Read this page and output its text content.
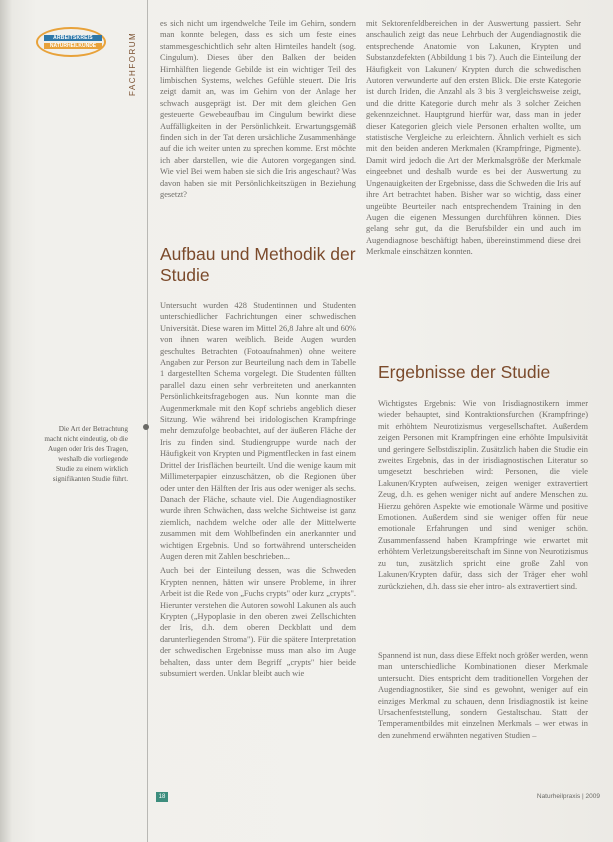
ARBEITSKREIS
NATURHEILKUNDE	FACHFORUM

es sich nicht um irgendwelche Teile im Gehirn, sondern man konnte belegen, dass es sich um feste eines stammesgeschichtlich sehr alten Hirnteiles handelt (sog. Cingulum). Dieses über den Balken der beiden Hirnhälften liegende Gebilde ist ein wichtiger Teil des limbischen Systems, welches Gefühle steuert. Die Iris zeigt damit an, was im Gehirn von der Anlage her schwach ausgeprägt ist. Der mit dem gleichen Gen gesteuerte Gewebeaufbau im Cingulum bewirkt diese Auffälligkeiten in der Persönlichkeit. Erwartungsgemäß finden sich in der Tat deren ursächliche Zusammenhänge auf die ich weiter unten zu sprechen komme. Erst möchte ich aber darstellen, wie die Autoren vorgegangen sind. Wie viel Bei wem haben sie sich die Iris angeschaut? Was davon haben sie mit Persönlichkeitszügen in Beziehung gesetzt?

Aufbau und Methodik der Studie

Untersucht wurden 428 Studentinnen und Studenten unterschiedlicher Fachrichtungen einer schwedischen Universität. Diese waren im Mittel 26,8 Jahre alt und 60% von ihnen waren weiblich. Beide Augen wurden geschultes Betrachten (Fotoaufnahmen) ohne weitere Angaben zur Person zur Beurteilung nach dem in Tabelle 1 dargestellten Schema vorgelegt. Die Studenten füllten parallel dazu einen sehr verbreiteten und anerkannten Persönlichkeitsfragebogen aus. Nun konnte man die Augenmerkmale mit den Kopf schriebs angeblich dieser Sitzung. Wie während bei iridologischen Krampfringe mehr demzufolge beobachtet, auf der äußeren Fläche der Iris zu finden sind. Studiengruppe wurde nach der Häufigkeit von Krypten und Pigmentflecken in fast einem Drittel der Irisflächen beurteilt. Und die wenige kaum mit Millimeterpapier einzuschätzen, ob die Regionen über oder unter den Hälften der Iris aus oder weniger als sechs. Danach der Fläche, schaute viel. Die Augendiagnostiker wurde ihren Schwächen, dass welche Sichtweise ist ganz ziemlich, nachdem welche oder alle der Mittelwerte zusammen mit dem Wohlbefinden ein anerkannter und wichtigen Ergebnis. Und so fortwährend unterscheiden Augen deren mit Zahlen beschrieben...

Auch bei der Einteilung dessen, was die Schweden Krypten nennen, hätten wir unsere Probleme, in ihrer Arbeit ist die Rede von „Fuchs crypts" oder kurz „crypts". Hierunter verstehen die Autoren sowohl Lakunen als auch Krypten („Hypoplasie in den oberen zwei Zellschichten der Iris, d.h. dem oberen Deckblatt und dem darunterliegenden Stroma"). Für die spätere Interpretation der schwedischen Ergebnisse muss man also im Auge behalten, dass unter dem Begriff „crypts" hier beide subsumiert werden. Unklar bleibt auch wie

Die Art der Betrachtung macht nicht eindeutig, ob die Augen oder Iris des Tragen, weshalb die vorliegende Studie zu einem wirklich signifikanten Studie führt.

mit Sektorenfeldbereichen in der Auswertung passiert. Sehr anschaulich zeigt das neue Lehrbuch der Augendiagnostik die entsprechende Anatomie von Lakunen, Krypten und Substanzdefekten (Abbildung 1 bis 7). Auch die Einteilung der Häufigkeit von Lakunen/ Krypten durch die schwedischen Autoren verwunderte auf den ersten Blick. Die erste Kategorie ist durch Iriden, die Anzahl als 3 bis 3 vergleichsweise zeigt, und die dritte Kategorie durch mehr als 3 solcher Zeichen gekennzeichnet. Hauptgrund hierfür war, dass man in jeder dieser Kategorien gleich viele Personen erhalten wollte, um statistische Vergleiche zu erleichtern. Ähnlich verhielt es sich mit den beiden anderen Merkmalen (Krampfringe, Pigmente). Damit wird jedoch die Art der Merkmalsgröße der Merkmale eingeebnet und deshalb wurde es bei der Auswertung zu Ungenauigkeiten der Ergebnisse, dass die Schweden die Iris auf ihre Art betrachtet haben. Bisher war so wichtig, dass einer ungeübte Beurteiler nach entsprechendem Training in den Augen die eigenen Messungen durchführen können. Dies gelang sehr gut, da die Berufsbilder ein und auch im Augendiagnose beschäftigt haben, übereinstimmend diese drei Merkmale einschätzen konnten.

Ergebnisse der Studie

Wichtigstes Ergebnis: Wie von Irisdiagnostikern immer wieder behauptet, sind Kontraktionsfurchen (Krampfringe) mit erhöhtem Neurotizismus vergesellschaftet. Außerdem zeigen Personen mit Krampfringen eine erhöhte Impulsivität und geringere Selbstdisziplin. Zusätzlich haben die Studie ein zweites Ergebnis, das in der irisdiagnostischen Literatur so umgesetzt beschrieben wird: Personen, die viele Lakunen/Krypten aufweisen, zeigen weniger extravertiert Zeug, d.h. es gehen weniger nicht auf andere Menschen zu. Hierzu gehören Aspekte wie emotionale Wärme und positive Emotionen. Außerdem sind sie weniger offen für neue emotionale Erfahrungen und sind weniger schön. Zusammenfassend haben Krampfringe wie erwartet mit erhöhtem Verletzungsbereitschaft im Sinne von Neurotizismus zu tun, zusätzlich spricht eine große Zahl von Lakunen/Krypten dafür, dass sich der Träger eher wohl zurückziehen, d.h. dass sie eher intro- als extravertiert sind.

Spannend ist nun, dass diese Effekt noch größer werden, wenn man unterschiedliche Kombinationen dieser Merkmale untersucht. Dies entspricht dem traditionellen Vorgehen der Augendiagnostiker, Sie sind es gewohnt, weniger auf ein einziges Merkmal zu schauen, denn Irisdiagnostik ist keine Ursachenfeststellung, sondern Gestaltschau. Statt der Temperamentbildes mit einzelnen Merkmals – wer etwas in den zunehmend erwähnten negativen Studien –

18	Naturheilpraxis | 2009
